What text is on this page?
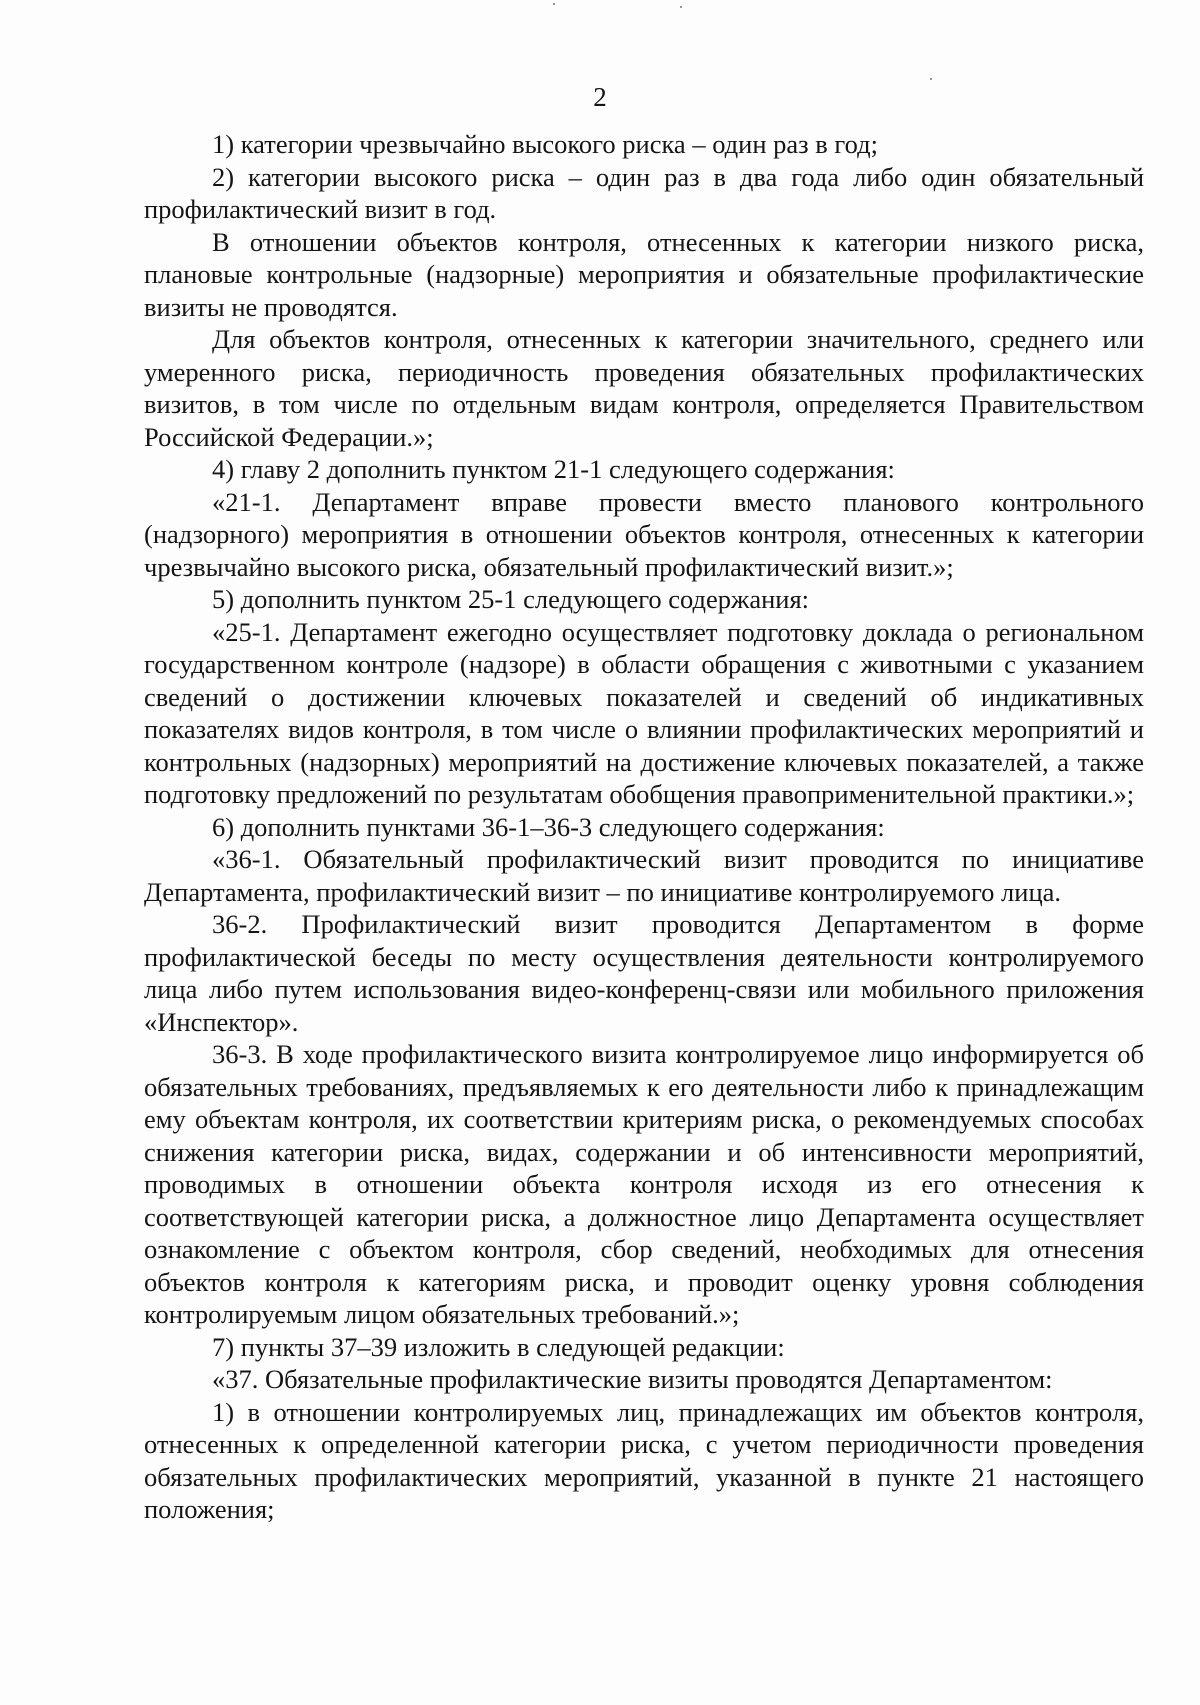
2

1) категории чрезвычайно высокого риска – один раз в год;

2) категории высокого риска – один раз в два года либо один обязательный профилактический визит в год.

В отношении объектов контроля, отнесенных к категории низкого риска, плановые контрольные (надзорные) мероприятия и обязательные профилактические визиты не проводятся.

Для объектов контроля, отнесенных к категории значительного, среднего или умеренного риска, периодичность проведения обязательных профилактических визитов, в том числе по отдельным видам контроля, определяется Правительством Российской Федерации.»;

4) главу 2 дополнить пунктом 21-1 следующего содержания:

«21-1. Департамент вправе провести вместо планового контрольного (надзорного) мероприятия в отношении объектов контроля, отнесенных к категории чрезвычайно высокого риска, обязательный профилактический визит.»;

5) дополнить пунктом 25-1 следующего содержания:

«25-1. Департамент ежегодно осуществляет подготовку доклада о региональном государственном контроле (надзоре) в области обращения с животными с указанием сведений о достижении ключевых показателей и сведений об индикативных показателях видов контроля, в том числе о влиянии профилактических мероприятий и контрольных (надзорных) мероприятий на достижение ключевых показателей, а также подготовку предложений по результатам обобщения правоприменительной практики.»;

6) дополнить пунктами 36-1–36-3 следующего содержания:

«36-1. Обязательный профилактический визит проводится по инициативе Департамента, профилактический визит – по инициативе контролируемого лица.

36-2. Профилактический визит проводится Департаментом в форме профилактической беседы по месту осуществления деятельности контролируемого лица либо путем использования видео-конференц-связи или мобильного приложения «Инспектор».

36-3. В ходе профилактического визита контролируемое лицо информируется об обязательных требованиях, предъявляемых к его деятельности либо к принадлежащим ему объектам контроля, их соответствии критериям риска, о рекомендуемых способах снижения категории риска, видах, содержании и об интенсивности мероприятий, проводимых в отношении объекта контроля исходя из его отнесения к соответствующей категории риска, а должностное лицо Департамента осуществляет ознакомление с объектом контроля, сбор сведений, необходимых для отнесения объектов контроля к категориям риска, и проводит оценку уровня соблюдения контролируемым лицом обязательных требований.»;

7) пункты 37–39 изложить в следующей редакции:

«37. Обязательные профилактические визиты проводятся Департаментом:

1) в отношении контролируемых лиц, принадлежащих им объектов контроля, отнесенных к определенной категории риска, с учетом периодичности проведения обязательных профилактических мероприятий, указанной в пункте 21 настоящего положения;
